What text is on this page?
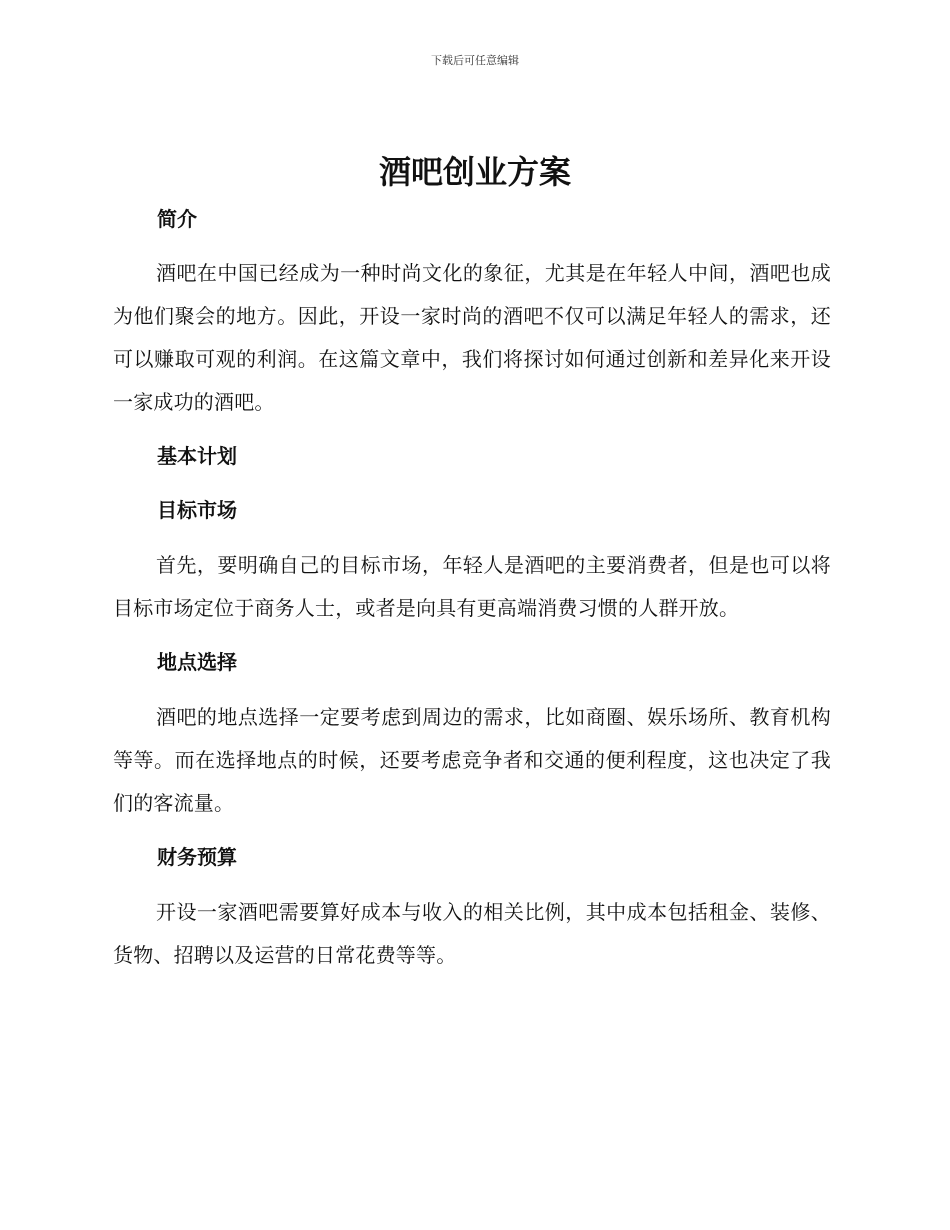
下载后可任意编辑
酒吧创业方案
简介

酒吧在中国已经成为一种时尚文化的象征，尤其是在年轻人中间，酒吧也成为他们聚会的地方。因此，开设一家时尚的酒吧不仅可以满足年轻人的需求，还可以赚取可观的利润。在这篇文章中，我们将探讨如何通过创新和差异化来开设一家成功的酒吧。

基本计划
目标市场

首先，要明确自己的目标市场，年轻人是酒吧的主要消费者，但是也可以将目标市场定位于商务人士，或者是向具有更高端消费习惯的人群开放。

地点选择

酒吧的地点选择一定要考虑到周边的需求，比如商圈、娱乐场所、教育机构等等。而在选择地点的时候，还要考虑竞争者和交通的便利程度，这也决定了我们的客流量。

财务预算

开设一家酒吧需要算好成本与收入的相关比例，其中成本包括租金、装修、货物、招聘以及运营的日常花费等等。
